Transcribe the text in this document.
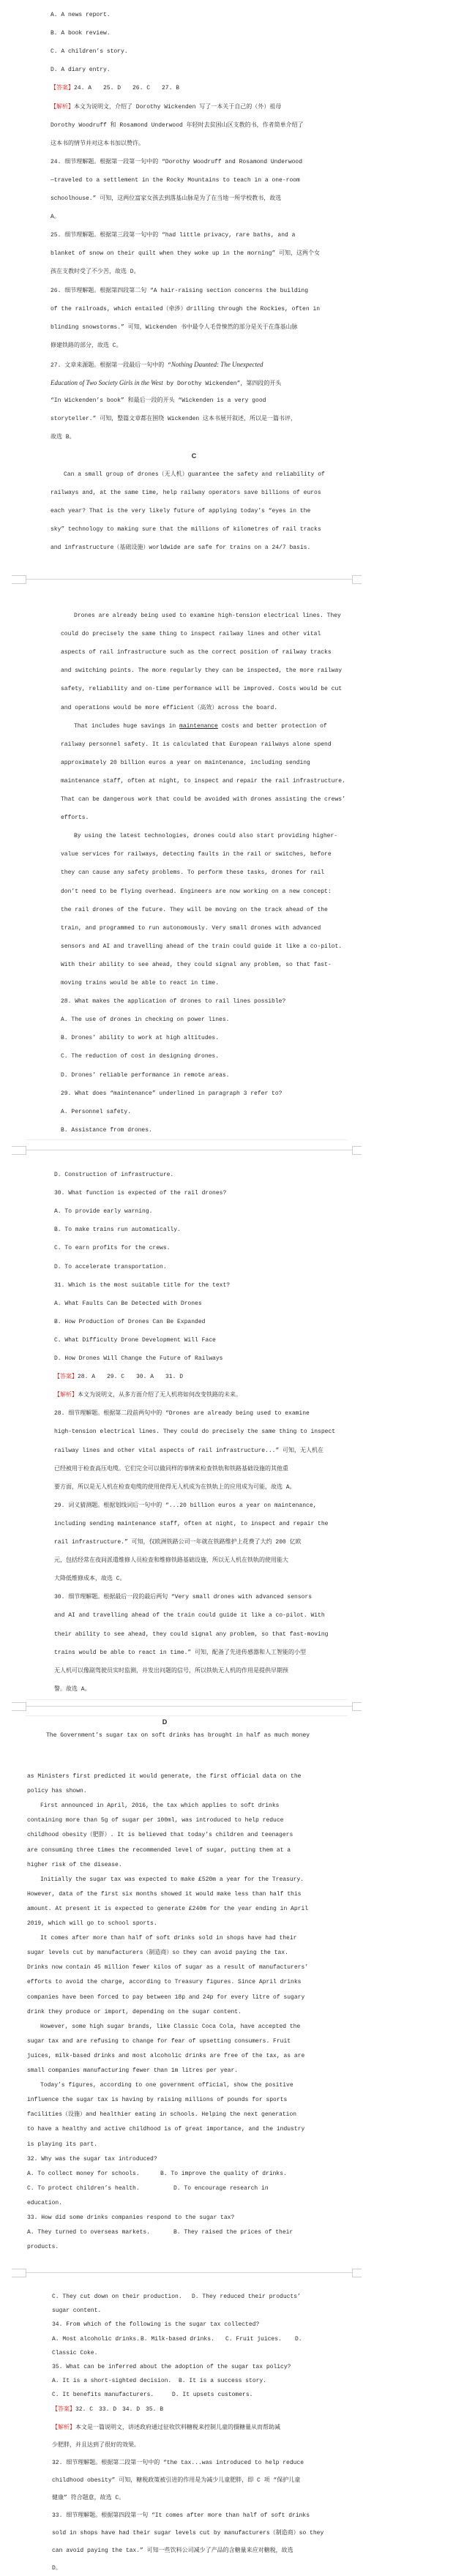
A. A news report.
B. A book review.
C. A children’s story.
D. A diary entry.
【答案】24. A　　25. D　　26. C　　27. B
【解析】本文为说明文，介绍了 Dorothy Wickenden 写了一本关于自己的（外）祖母
Dorothy Woodruff 和 Rosamond Underwood 年轻时去贫困山区支教的书，作者简单介绍了
这本书的情节并对这本书加以赞许。
24. 细节理解题。根据第一段第一句中的 “Dorothy Woodruff and Rosamond Underwood
—traveled to a settlement in the Rocky Mountains to teach in a one-room
schoolhouse.” 可知，这两位富家女孩去到落基山脉是为了在当地一所学校教书，故选
A。
25. 细节理解题。根据第三段第一句中的 “had little privacy, rare baths, and a
blanket of snow on their quilt when they woke up in the morning” 可知，这两个女
孩在支教时受了不少苦，故选 D。
26. 细节理解题。根据第四段第二句 “A hair-raising section concerns the building
of the railroads, which entailed（牵涉）drilling through the Rockies, often in
blinding snowstorms.” 可知，Wickenden 书中最令人毛骨悚然的部分是关于在落基山脉
修建铁路的部分，故选 C。
27. 文章来源题。根据第一段最后一句中的 “Nothing Daunted: The Unexpected
Education of Two Society Girls in the West by Dorothy Wickenden”，第四段的开头
“In Wickenden’s book” 和最后一段的开头 “Wickenden is a very good
storyteller.” 可知，整篇文章都在围绕 Wickenden 这本书展开叙述，所以是一篇书评，
故选 B。
C
Can a small group of drones（无人机）guarantee the safety and reliability of
railways and, at the same time, help railway operators save billions of euros
each year? That is the very likely future of applying today’s “eyes in the
sky” technology to making sure that the millions of kilometres of rail tracks
and infrastructure（基础设施）worldwide are safe for trains on a 24/7 basis.
Drones are already being used to examine high-tension electrical lines. They
could do precisely the same thing to inspect railway lines and other vital
aspects of rail infrastructure such as the correct position of railway tracks
and switching points. The more regularly they can be inspected, the more railway
safety, reliability and on-time performance will be improved. Costs would be cut
and operations would be more efficient（高效）across the board.
That includes huge savings in maintenance costs and better protection of
railway personnel safety. It is calculated that European railways alone spend
approximately 20 billion euros a year on maintenance, including sending
maintenance staff, often at night, to inspect and repair the rail infrastructure.
That can be dangerous work that could be avoided with drones assisting the crews’
efforts.
By using the latest technologies, drones could also start providing higher-
value services for railways, detecting faults in the rail or switches, before
they can cause any safety problems. To perform these tasks, drones for rail
don’t need to be flying overhead. Engineers are now working on a new concept:
the rail drones of the future. They will be moving on the track ahead of the
train, and programmed to run autonomously. Very small drones with advanced
sensors and AI and travelling ahead of the train could guide it like a co-pilot.
With their ability to see ahead, they could signal any problem, so that fast-
moving trains would be able to react in time.
28. What makes the application of drones to rail lines possible?
A. The use of drones in checking on power lines.
B. Drones’ ability to work at high altitudes.
C. The reduction of cost in designing drones.
D. Drones’ reliable performance in remote areas.
29. What does “maintenance” underlined in paragraph 3 refer to?
A. Personnel safety.
B. Assistance from drones.
D. Construction of infrastructure.
30. What function is expected of the rail drones?
A. To provide early warning.
B. To make trains run automatically.
C. To earn profits for the crews.
D. To accelerate transportation.
31. Which is the most suitable title for the text?
A. What Faults Can Be Detected with Drones
B. How Production of Drones Can Be Expanded
C. What Difficulty Drone Development Will Face
D. How Drones Will Change the Future of Railways
【答案】28. A　　29. C　　30. A　　31. D
【解析】本文为说明文，从多方面介绍了无人机将如何改变铁路的未来。
28. 细节理解题。根据第二段前两句中的 “Drones are already being used to examine
high-tension electrical lines. They could do precisely the same thing to inspect
railway lines and other vital aspects of rail infrastructure...” 可知，无人机在
已经被用于检查高压电缆。它们完全可以做同样的事情来检查铁轨和铁路基础设施的其他重
要方面，所以是无人机在检查电缆的使用使得无人机成为在铁轨上的应用成为可能，故选 A。
29. 词义猜测题。根据划线词后一句中的 “...20 billion euros a year on maintenance,
including sending maintenance staff, often at night, to inspect and repair the
rail infrastructure.” 可知，仅欧洲铁路公司一年就在铁路维护上花费了大约 200 亿欧
元，包括经常在夜间派遣维修人员检查和维修铁路基础设施，所以无人机在铁轨的使用能大
大降低维修成本，故选 C。
30. 细节理解题。根据最后一段的最后两句 “Very small drones with advanced sensors
and AI and travelling ahead of the train could guide it like a co-pilot. With
their ability to see ahead, they could signal any problem, so that fast-moving
trains would be able to react in time.” 可知，配备了先进传感器和人工智能的小型
无人机可以像副驾驶员实时监测，并发出问题的信号，所以铁轨无人机的作用是提供早期预
警。故选 A。
D
The Government’s sugar tax on soft drinks has brought in half as much money
as Ministers first predicted it would generate, the first official data on the
policy has shown.
First announced in April, 2016, the tax which applies to soft drinks
containing more than 5g of sugar per 100ml, was introduced to help reduce
childhood obesity（肥胖）. It is believed that today’s children and teenagers
are consuming three times the recommended level of sugar, putting them at a
higher risk of the disease.
Initially the sugar tax was expected to make £520m a year for the Treasury.
However, data of the first six months showed it would make less than half this
amount. At present it is expected to generate £240m for the year ending in April
2019, which will go to school sports.
It comes after more than half of soft drinks sold in shops have had their
sugar levels cut by manufacturers（制造商）so they can avoid paying the tax.
Drinks now contain 45 million fewer kilos of sugar as a result of manufacturers’
efforts to avoid the charge, according to Treasury figures. Since April drinks
companies have been forced to pay between 18p and 24p for every litre of sugary
drink they produce or import, depending on the sugar content.
However, some high sugar brands, like Classic Coca Cola, have accepted the
sugar tax and are refusing to change for fear of upsetting consumers. Fruit
juices, milk-based drinks and most alcoholic drinks are free of the tax, as are
small companies manufacturing fewer than 1m litres per year.
Today’s figures, according to one government official, show the positive
influence the sugar tax is having by raising millions of pounds for sports
facilities（设施）and healthier eating in schools. Helping the next generation
to have a healthy and active childhood is of great importance, and the industry
is playing its part.
32. Why was the sugar tax introduced?
A. To collect money for schools.	B. To improve the quality of drinks.
C. To protect children’s health.	D. To encourage research in
education.
33. How did some drinks companies respond to the sugar tax?
A. They turned to overseas markets.	B. They raised the prices of their
products.
C. They cut down on their production. D. They reduced their products’
sugar content.
34. From which of the following is the sugar tax collected?
A. Most alcoholic drinks. B. Milk-based drinks. C. Fruit juices. D.
Classic Coke.
35. What can be inferred about the adoption of the sugar tax policy?
A. It is a short-sighted decision. B. It is a success story.
C. It benefits manufacturers.	D. It upsets customers.
【答案】32. C　33. D　34. D　35. B
【解析】本文是一篇说明文，讲述政府通过征收饮料糖税来控制儿童的摄糖量从而帮助减
少肥胖，并且达到了很好的效果。
32. 细节理解题。根据第二段第一句中的 “the tax...was introduced to help reduce
childhood obesity” 可知，糖税政策被引进的作用是为减少儿童肥胖，即 C 项 “保护儿童
健康” 符合题意，故选 C。
33. 细节理解题。根据第四段第一句 “It comes after more than half of soft drinks
sold in shops have had their sugar levels cut by manufacturers（制造商）so they
can avoid paying the tax.” 可知一些饮料公司减少了产品的含糖量来应对糖税，故选
D。
